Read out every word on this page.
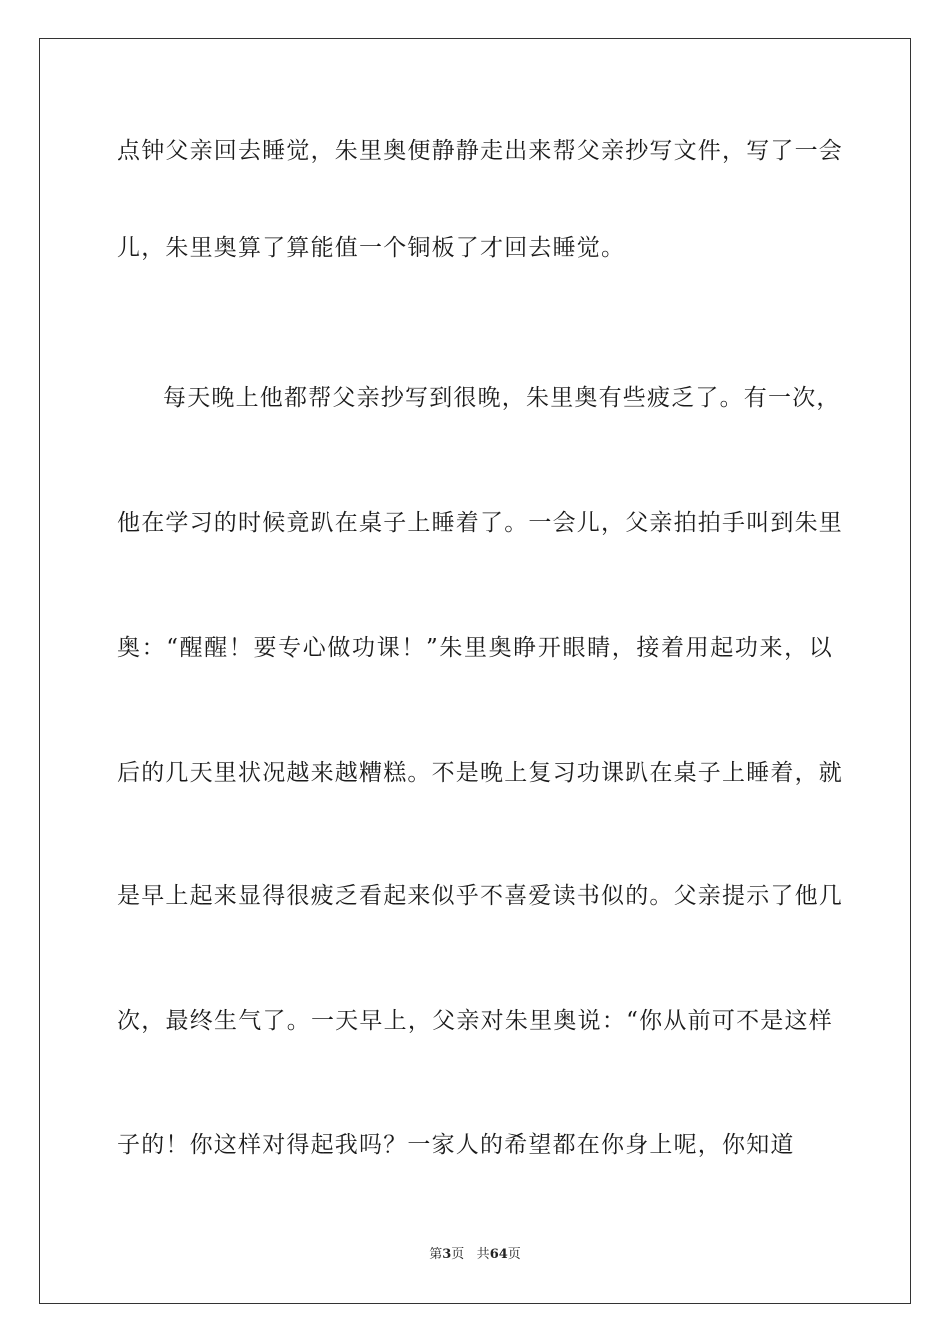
点钟父亲回去睡觉，朱里奥便静静走出来帮父亲抄写文件，写了一会
儿，朱里奥算了算能值一个铜板了才回去睡觉。
每天晚上他都帮父亲抄写到很晚，朱里奥有些疲乏了。有一次，
他在学习的时候竟趴在桌子上睡着了。一会儿，父亲拍拍手叫到朱里
奥：“醒醒！要专心做功课！”朱里奥睁开眼睛，接着用起功来，以
后的几天里状况越来越糟糕。不是晚上复习功课趴在桌子上睡着，就
是早上起来显得很疲乏看起来似乎不喜爱读书似的。父亲提示了他几
次，最终生气了。一天早上，父亲对朱里奥说：“你从前可不是这样
子的！你这样对得起我吗？一家人的希望都在你身上呢，你知道
第3页 共64页
